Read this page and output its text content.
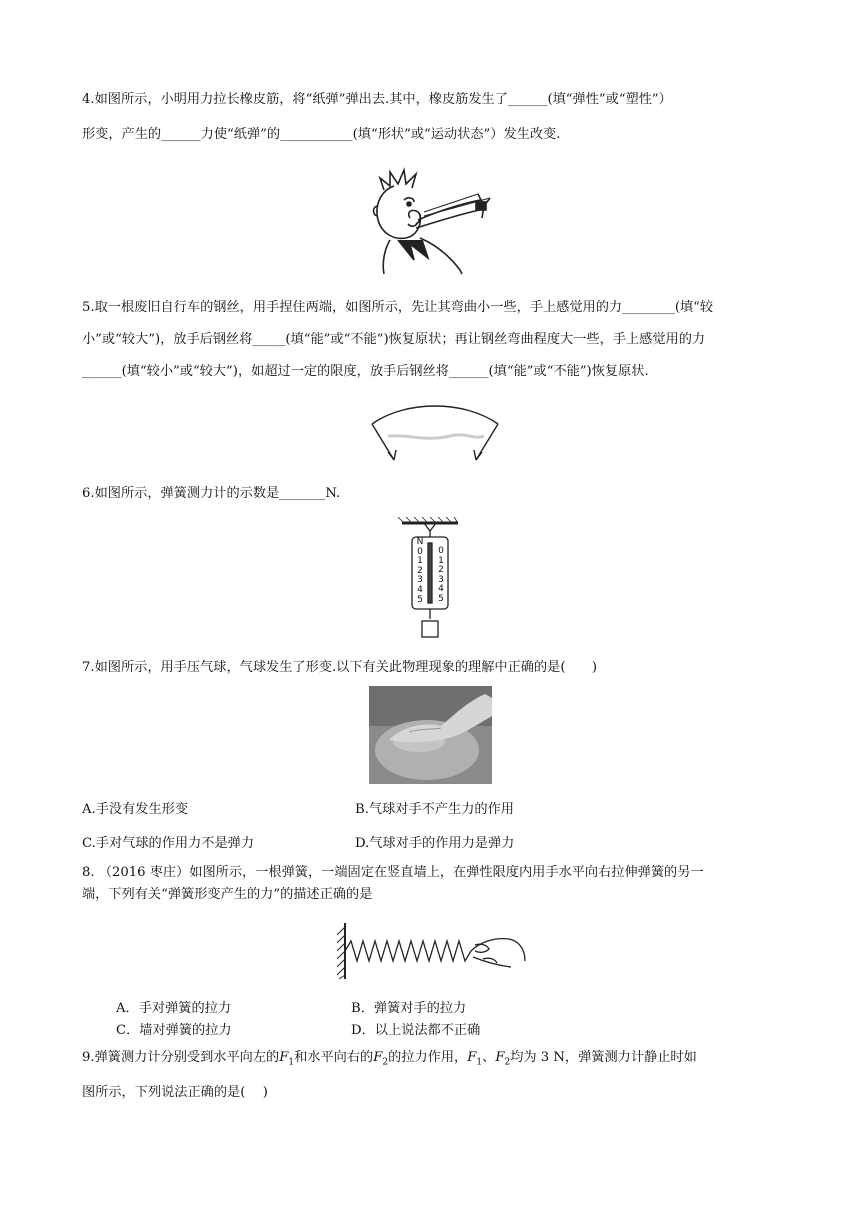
4.如图所示，小明用力拉长橡皮筋，将“纸弹”弹出去.其中，橡皮筋发生了______(填“弹性”或“塑性”）
形变，产生的______力使“纸弹”的___________(填“形状”或“运动状态”）发生改变.
5.取一根废旧自行车的钢丝，用手捏住两端，如图所示，先让其弯曲小一些，手上感觉用的力________(填“较
小”或“较大”)，放手后钢丝将_____(填“能”或“不能”)恢复原状；再让钢丝弯曲程度大一些，手上感觉用的力
______(填“较小”或“较大”)，如超过一定的限度，放手后钢丝将______(填“能”或“不能”)恢复原状.
6.如图所示，弹簧测力计的示数是_______N.
N
0
1
2
3
4
5
0
1
2
3
4
5
7.如图所示，用手压气球，气球发生了形变.以下有关此物理现象的理解中正确的是(　　)
A.手没有发生形变	B.气球对手不产生力的作用
C.手对气球的作用力不是弹力	D.气球对手的作用力是弹力
8. （2016 枣庄）如图所示，一根弹簧，一端固定在竖直墙上，在弹性限度内用手水平向右拉伸弹簧的另一
端，下列有关“弹簧形变产生的力”的描述正确的是
A．手对弹簧的拉力	B．弹簧对手的拉力
C．墙对弹簧的拉力	D．以上说法都不正确
9.弹簧测力计分别受到水平向左的$F_1$和水平向右的$F_2$的拉力作用，$F_1$、$F_2$均为 3 N，弹簧测力计静止时如
图所示，下列说法正确的是(　 )
